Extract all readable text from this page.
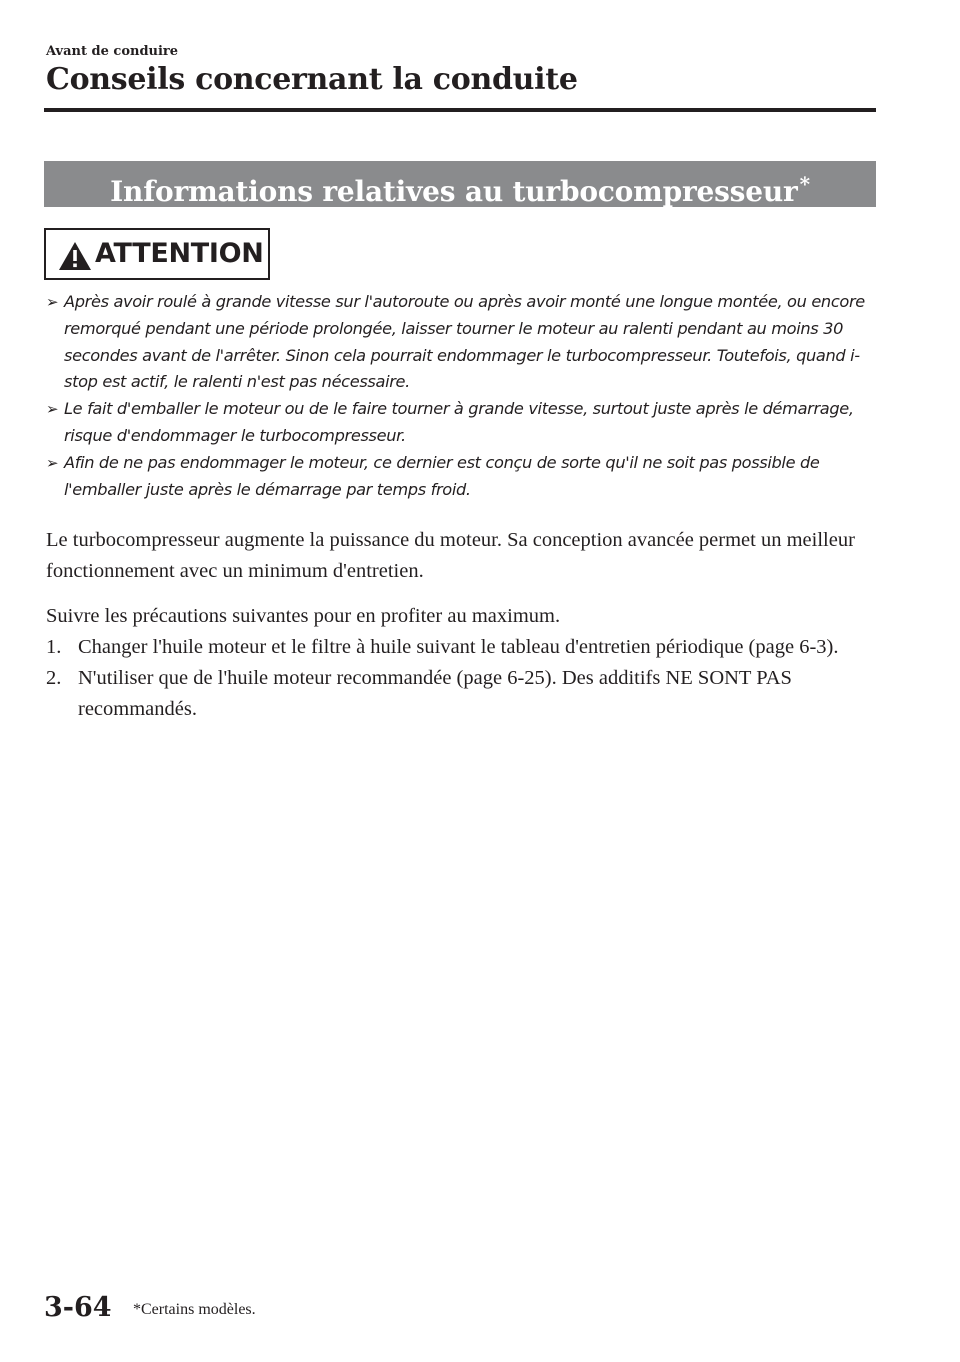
Avant de conduire
Conseils concernant la conduite
Informations relatives au turbocompresseur *
ATTENTION
➢ Après avoir roulé à grande vitesse sur l'autoroute ou après avoir monté une longue montée, ou encore remorqué pendant une période prolongée, laisser tourner le moteur au ralenti pendant au moins 30 secondes avant de l'arrêter. Sinon cela pourrait endommager le turbocompresseur. Toutefois, quand i-stop est actif, le ralenti n'est pas nécessaire.
➢ Le fait d'emballer le moteur ou de le faire tourner à grande vitesse, surtout juste après le démarrage, risque d'endommager le turbocompresseur.
➢ Afin de ne pas endommager le moteur, ce dernier est conçu de sorte qu'il ne soit pas possible de l'emballer juste après le démarrage par temps froid.

Le turbocompresseur augmente la puissance du moteur. Sa conception avancée permet un meilleur fonctionnement avec un minimum d'entretien.

Suivre les précautions suivantes pour en profiter au maximum.

1. Changer l'huile moteur et le filtre à huile suivant le tableau d'entretien périodique (page 6-3).
2. N'utiliser que de l'huile moteur recommandée (page 6-25). Des additifs NE SONT PAS recommandés.
3-64 *Certains modèles.
